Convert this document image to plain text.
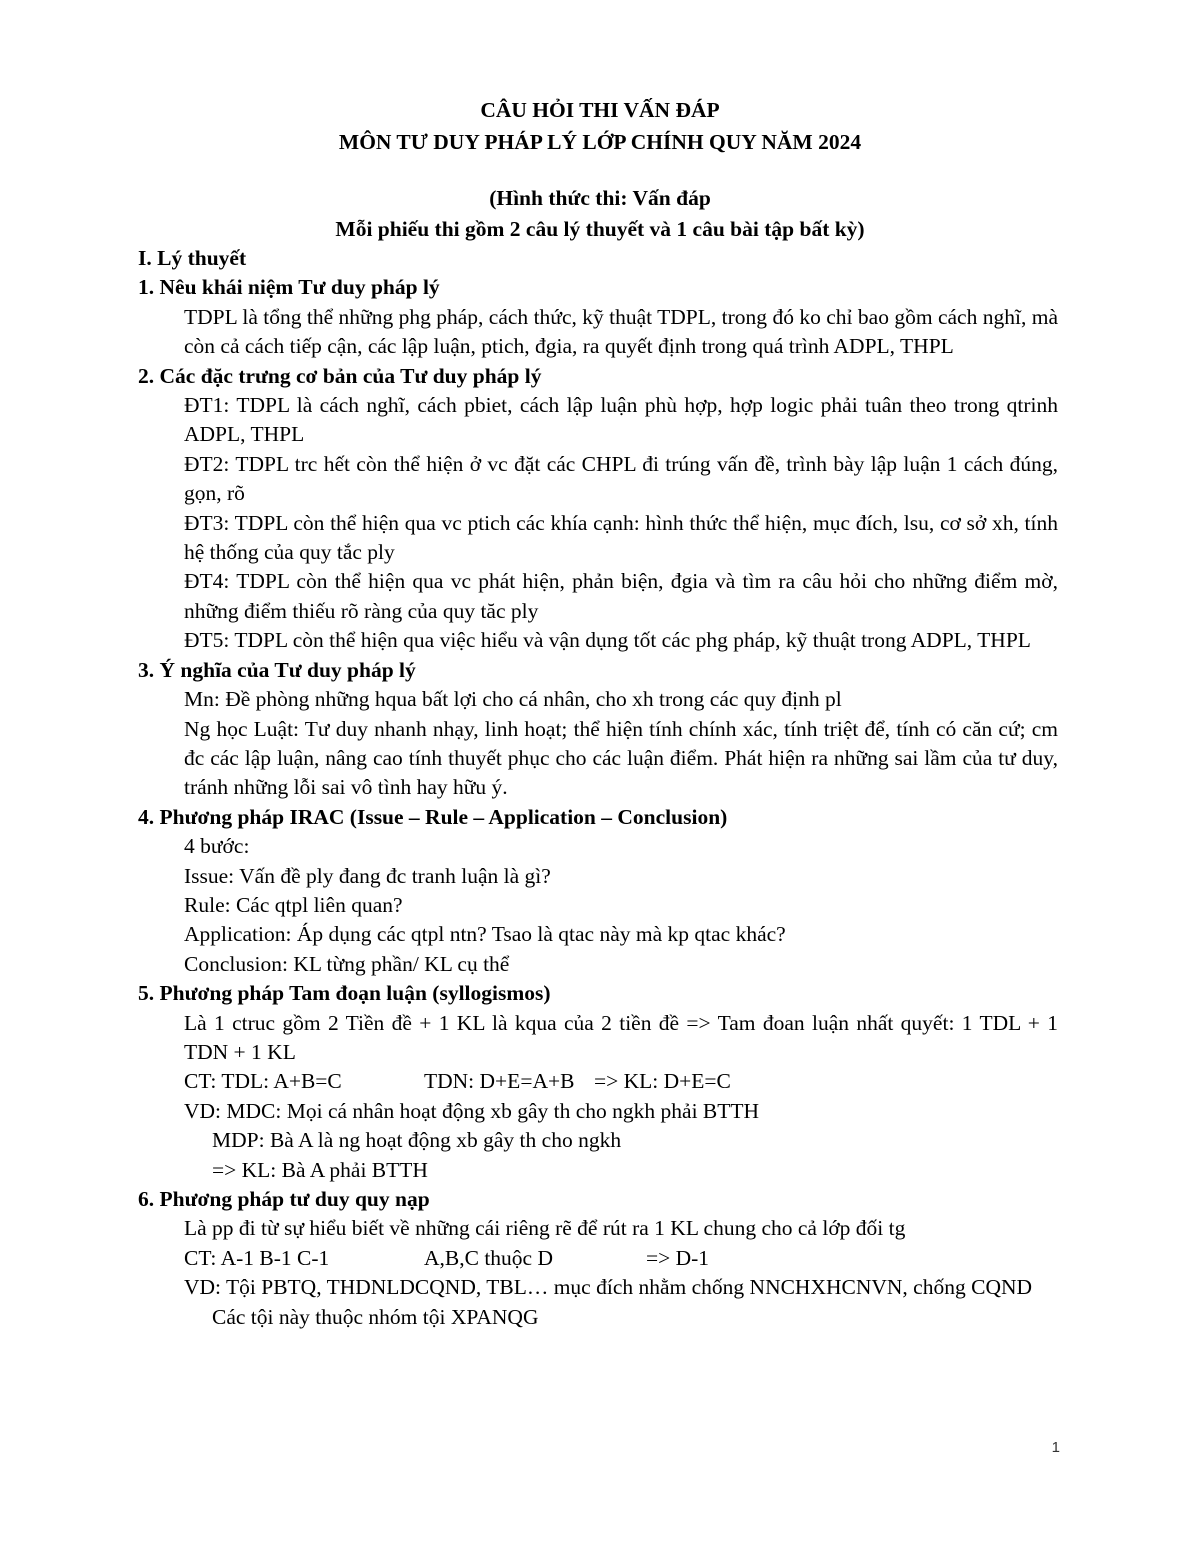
CÂU HỎI THI VẤN ĐÁP
MÔN TƯ DUY PHÁP LÝ LỚP CHÍNH QUY NĂM 2024
(Hình thức thi: Vấn đáp
Mỗi phiếu thi gồm 2 câu lý thuyết và 1 câu bài tập bất kỳ)
I. Lý thuyết
1. Nêu khái niệm Tư duy pháp lý
TDPL là tổng thể những phg pháp, cách thức, kỹ thuật TDPL, trong đó ko chỉ bao gồm cách nghĩ, mà còn cả cách tiếp cận, các lập luận, ptich, đgia, ra quyết định trong quá trình ADPL, THPL
2. Các đặc trưng cơ bản của Tư duy pháp lý
ĐT1: TDPL là cách nghĩ, cách pbiet, cách lập luận phù hợp, hợp logic phải tuân theo trong qtrinh ADPL, THPL
ĐT2: TDPL trc hết còn thể hiện ở vc đặt các CHPL đi trúng vấn đề, trình bày lập luận 1 cách đúng, gọn, rõ
ĐT3: TDPL còn thể hiện qua vc ptich các khía cạnh: hình thức thể hiện, mục đích, lsu, cơ sở xh, tính hệ thống của quy tắc ply
ĐT4: TDPL còn thể hiện qua vc phát hiện, phản biện, đgia và tìm ra câu hỏi cho những điểm mờ, những điểm thiếu rõ ràng của quy tăc ply
ĐT5: TDPL còn thể hiện qua việc hiểu và vận dụng tốt các phg pháp, kỹ thuật trong ADPL, THPL
3. Ý nghĩa của Tư duy pháp lý
Mn: Đề phòng những hqua bất lợi cho cá nhân, cho xh trong các quy định pl
Ng học Luật: Tư duy nhanh nhạy, linh hoạt; thể hiện tính chính xác, tính triệt để, tính có căn cứ; cm đc các lập luận, nâng cao tính thuyết phục cho các luận điểm. Phát hiện ra những sai lầm của tư duy, tránh những lỗi sai vô tình hay hữu ý.
4. Phương pháp IRAC (Issue – Rule – Application – Conclusion)
4 bước:
Issue: Vấn đề ply đang đc tranh luận là gì?
Rule: Các qtpl liên quan?
Application: Áp dụng các qtpl ntn? Tsao là qtac này mà kp qtac khác?
Conclusion: KL từng phần/ KL cụ thể
5. Phương pháp Tam đoạn luận (syllogismos)
Là 1 ctruc gồm 2 Tiền đề + 1 KL là kqua của 2 tiền đề => Tam đoan luận nhất quyết: 1 TDL + 1 TDN + 1 KL
CT: TDL: A+B=C	TDN: D+E=A+B => KL: D+E=C
VD: MDC: Mọi cá nhân hoạt động xb gây th cho ngkh phải BTTH
MDP: Bà A là ng hoạt động xb gây th cho ngkh
=> KL: Bà A phải BTTH
6. Phương pháp tư duy quy nạp
Là pp đi từ sự hiểu biết về những cái riêng rẽ để rút ra 1 KL chung cho cả lớp đối tg
CT: A-1 B-1 C-1	A,B,C thuộc D	=> D-1
VD: Tội PBTQ, THDNLDCQND, TBL… mục đích nhằm chống NNCHXHCNVN, chống CQND
Các tội này thuộc nhóm tội XPANQG
1
